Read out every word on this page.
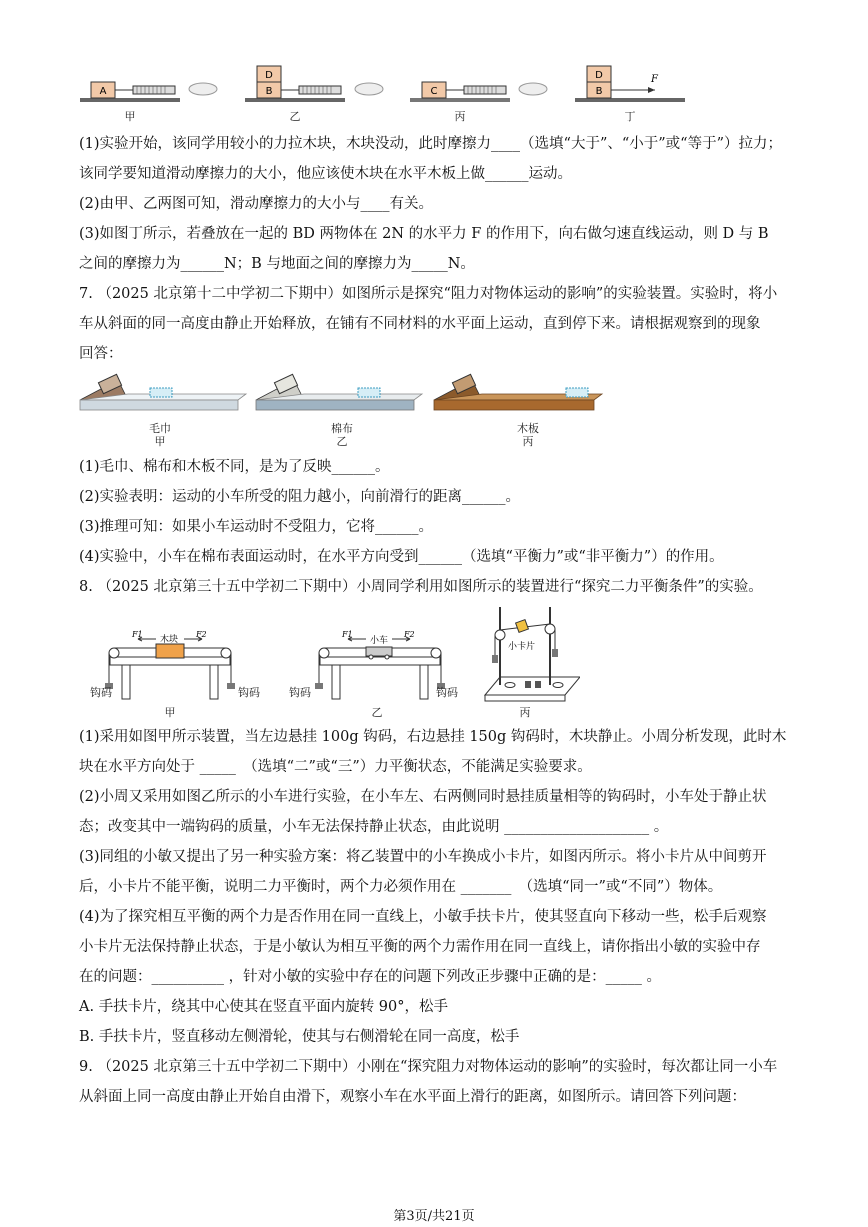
A
D
B	C
D
B
F
甲	乙	丙	丁
(1)实验开始，该同学用较小的力拉木块，木块没动，此时摩擦力____（选填“大于”、“小于”或“等于”）拉力；
该同学要知道滑动摩擦力的大小，他应该使木块在水平木板上做______运动。
(2)由甲、乙两图可知，滑动摩擦力的大小与____有关。
(3)如图丁所示，若叠放在一起的 BD 两物体在 2N 的水平力 F 的作用下，向右做匀速直线运动，则 D 与 B
之间的摩擦力为______N；B 与地面之间的摩擦力为_____N。
7. （2025 北京第十二中学初二下期中）如图所示是探究“阻力对物体运动的影响”的实验装置。实验时，将小
车从斜面的同一高度由静止开始释放，在铺有不同材料的水平面上运动，直到停下来。请根据观察到的现象
回答：
毛巾
甲
棉布
乙
木板
丙
(1)毛巾、棉布和木板不同，是为了反映______。
(2)实验表明：运动的小车所受的阻力越小，向前滑行的距离______。
(3)推理可知：如果小车运动时不受阻力，它将______。
(4)实验中，小车在棉布表面运动时，在水平方向受到______（选填“平衡力”或“非平衡力”）的作用。
8. （2025 北京第三十五中学初二下期中）小周同学利用如图所示的装置进行“探究二力平衡条件”的实验。
F1	F2
木块
F1	F2
小车
小卡片
钩码	钩码	钩码	钩码
甲	乙	丙
(1)采用如图甲所示装置，当左边悬挂 100g 钩码，右边悬挂 150g 钩码时，木块静止。小周分析发现，此时木
块在水平方向处于 _____　（选填“二”或“三”）力平衡状态，不能满足实验要求。
(2)小周又采用如图乙所示的小车进行实验，在小车左、右两侧同时悬挂质量相等的钩码时，小车处于静止状
态；改变其中一端钩码的质量，小车无法保持静止状态，由此说明 ____________________ 。
(3)同组的小敏又提出了另一种实验方案：将乙装置中的小车换成小卡片，如图丙所示。将小卡片从中间剪开
后，小卡片不能平衡，说明二力平衡时，两个力必须作用在 _______　（选填“同一”或“不同”）物体。
(4)为了探究相互平衡的两个力是否作用在同一直线上，小敏手扶卡片，使其竖直向下移动一些，松手后观察
小卡片无法保持静止状态，于是小敏认为相互平衡的两个力需作用在同一直线上，请你指出小敏的实验中存
在的问题：__________ ，针对小敏的实验中存在的问题下列改正步骤中正确的是：_____ 。
A. 手扶卡片，绕其中心使其在竖直平面内旋转 90°，松手
B. 手扶卡片，竖直移动左侧滑轮，使其与右侧滑轮在同一高度，松手
9. （2025 北京第三十五中学初二下期中）小刚在“探究阻力对物体运动的影响”的实验时，每次都让同一小车
从斜面上同一高度由静止开始自由滑下，观察小车在水平面上滑行的距离，如图所示。请回答下列问题：
第3页/共21页
